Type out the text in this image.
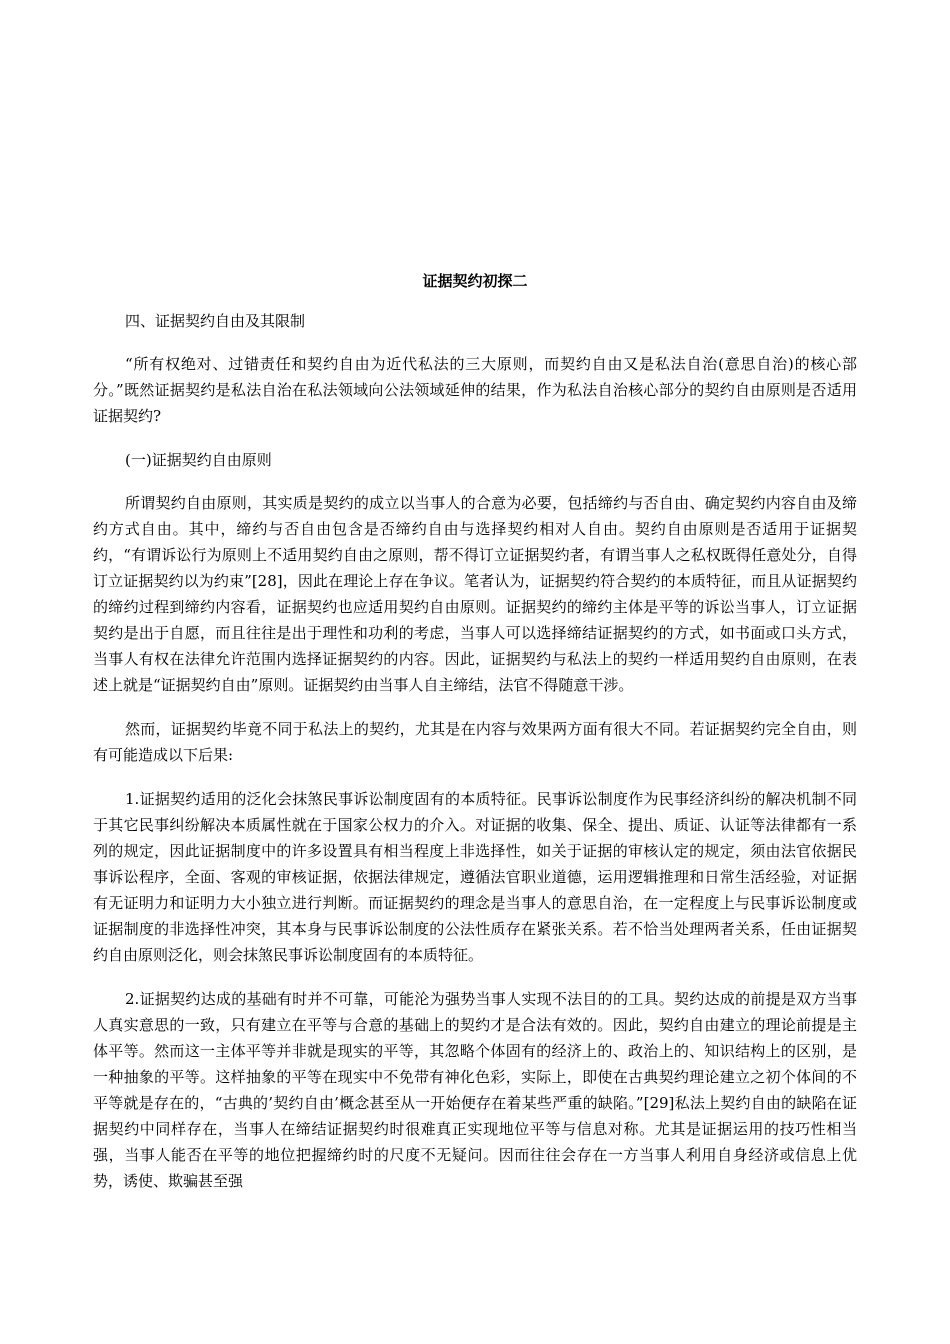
证据契约初探二

四、证据契约自由及其限制

“所有权绝对、过错责任和契约自由为近代私法的三大原则，而契约自由又是私法自治(意思自治)的核心部分。”既然证据契约是私法自治在私法领域向公法领域延伸的结果，作为私法自治核心部分的契约自由原则是否适用证据契约?

(一)证据契约自由原则

所谓契约自由原则，其实质是契约的成立以当事人的合意为必要，包括缔约与否自由、确定契约内容自由及缔约方式自由。其中，缔约与否自由包含是否缔约自由与选择契约相对人自由。契约自由原则是否适用于证据契约，“有谓诉讼行为原则上不适用契约自由之原则，帮不得订立证据契约者，有谓当事人之私权既得任意处分，自得订立证据契约以为约束”[28]，因此在理论上存在争议。笔者认为，证据契约符合契约的本质特征，而且从证据契约的缔约过程到缔约内容看，证据契约也应适用契约自由原则。证据契约的缔约主体是平等的诉讼当事人，订立证据契约是出于自愿，而且往往是出于理性和功利的考虑，当事人可以选择缔结证据契约的方式，如书面或口头方式，当事人有权在法律允许范围内选择证据契约的内容。因此，证据契约与私法上的契约一样适用契约自由原则，在表述上就是“证据契约自由”原则。证据契约由当事人自主缔结，法官不得随意干涉。

然而，证据契约毕竟不同于私法上的契约，尤其是在内容与效果两方面有很大不同。若证据契约完全自由，则有可能造成以下后果:

1.证据契约适用的泛化会抹煞民事诉讼制度固有的本质特征。民事诉讼制度作为民事经济纠纷的解决机制不同于其它民事纠纷解决本质属性就在于国家公权力的介入。对证据的收集、保全、提出、质证、认证等法律都有一系列的规定，因此证据制度中的许多设置具有相当程度上非选择性，如关于证据的审核认定的规定，须由法官依据民事诉讼程序，全面、客观的审核证据，依据法律规定，遵循法官职业道德，运用逻辑推理和日常生活经验，对证据有无证明力和证明力大小独立进行判断。而证据契约的理念是当事人的意思自治，在一定程度上与民事诉讼制度或证据制度的非选择性冲突，其本身与民事诉讼制度的公法性质存在紧张关系。若不恰当处理两者关系，任由证据契约自由原则泛化，则会抹煞民事诉讼制度固有的本质特征。

2.证据契约达成的基础有时并不可靠，可能沦为强势当事人实现不法目的的工具。契约达成的前提是双方当事人真实意思的一致，只有建立在平等与合意的基础上的契约才是合法有效的。因此，契约自由建立的理论前提是主体平等。然而这一主体平等并非就是现实的平等，其忽略个体固有的经济上的、政治上的、知识结构上的区别，是一种抽象的平等。这样抽象的平等在现实中不免带有神化色彩，实际上，即使在古典契约理论建立之初个体间的不平等就是存在的，“古典的’契约自由’概念甚至从一开始便存在着某些严重的缺陷。”[29]私法上契约自由的缺陷在证据契约中同样存在，当事人在缔结证据契约时很难真正实现地位平等与信息对称。尤其是证据运用的技巧性相当强，当事人能否在平等的地位把握缔约时的尺度不无疑问。因而往往会存在一方当事人利用自身经济或信息上优势，诱使、欺骗甚至强
